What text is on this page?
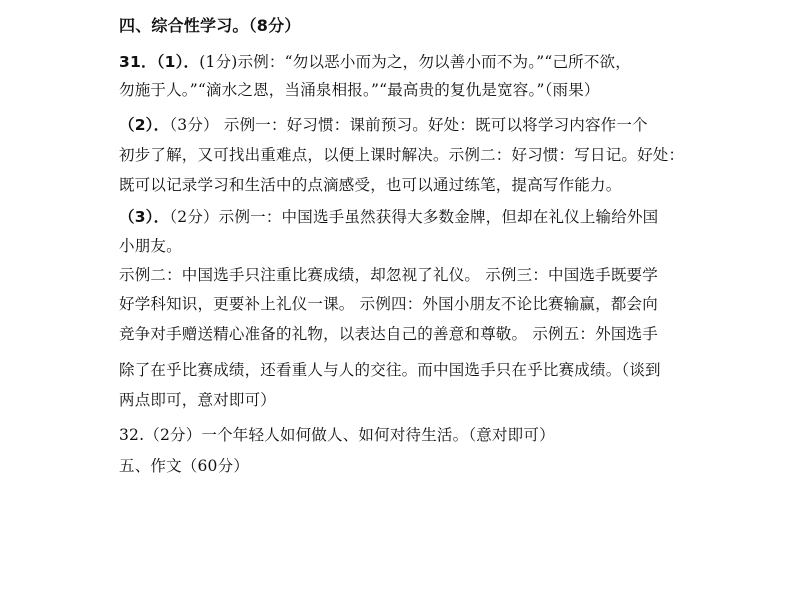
四、综合性学习。（8分）
31．（1）．(1分)示例：“勿以恶小而为之，勿以善小而不为。”“己所不欲，
勿施于人。”“滴水之恩，当涌泉相报。”“最高贵的复仇是宽容。”（雨果）
（2）．（3分） 示例一：好习惯：课前预习。好处：既可以将学习内容作一个
初步了解，又可找出重难点，以便上课时解决。示例二：好习惯：写日记。好处：
既可以记录学习和生活中的点滴感受，也可以通过练笔，提高写作能力。
（3）．（2分）示例一：中国选手虽然获得大多数金牌，但却在礼仪上输给外国
小朋友。
示例二：中国选手只注重比赛成绩，却忽视了礼仪。 示例三：中国选手既要学
好学科知识，更要补上礼仪一课。 示例四：外国小朋友不论比赛输赢，都会向
竞争对手赠送精心准备的礼物，以表达自己的善意和尊敬。 示例五：外国选手
除了在乎比赛成绩，还看重人与人的交往。而中国选手只在乎比赛成绩。（谈到
两点即可，意对即可）
32.（2分）一个年轻人如何做人、如何对待生活。（意对即可）
五、作文（60分）
